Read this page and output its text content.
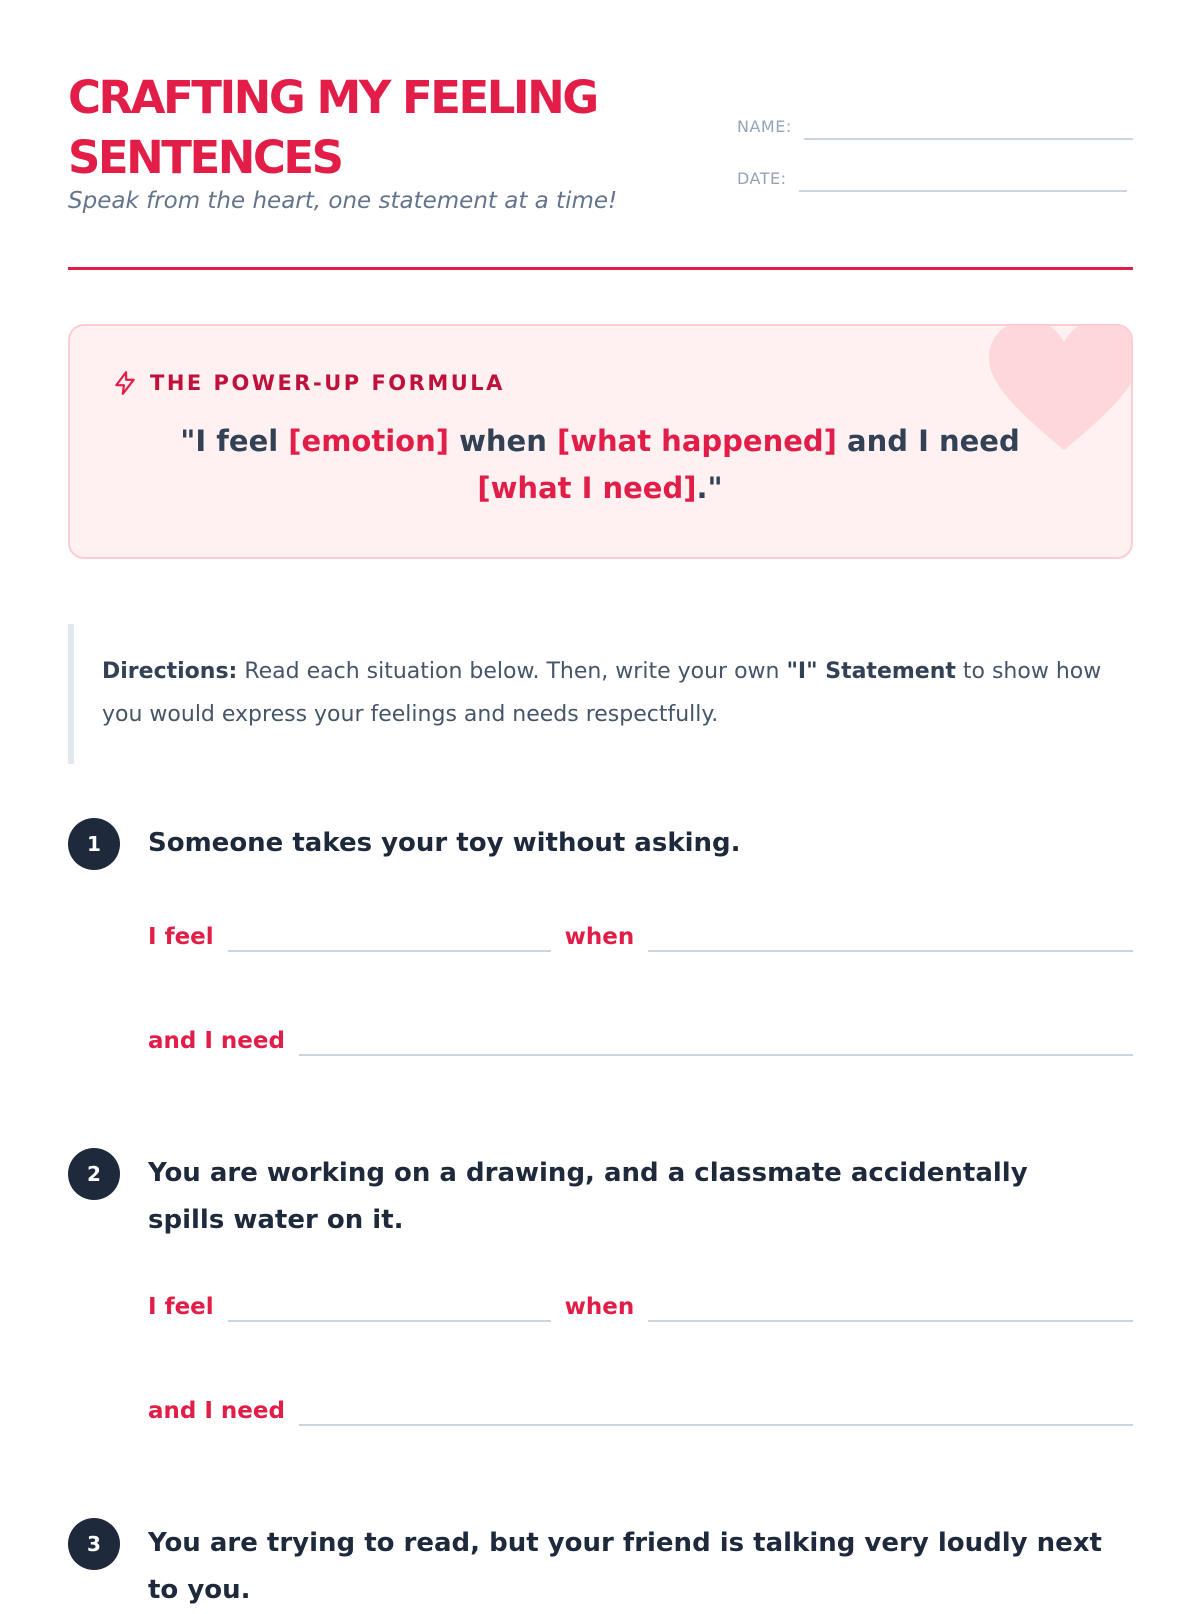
CRAFTING MY FEELING SENTENCES
Speak from the heart, one statement at a time!
NAME:
DATE:
THE POWER-UP FORMULA
"I feel [emotion] when [what happened] and I need [what I need]."
Directions: Read each situation below. Then, write your own "I" Statement to show how you would express your feelings and needs respectfully.
1	Someone takes your toy without asking.

I feel	when
and I need
2	You are working on a drawing, and a classmate accidentally spills water on it.

I feel	when
and I need
3	You are trying to read, but your friend is talking very loudly next to you.
